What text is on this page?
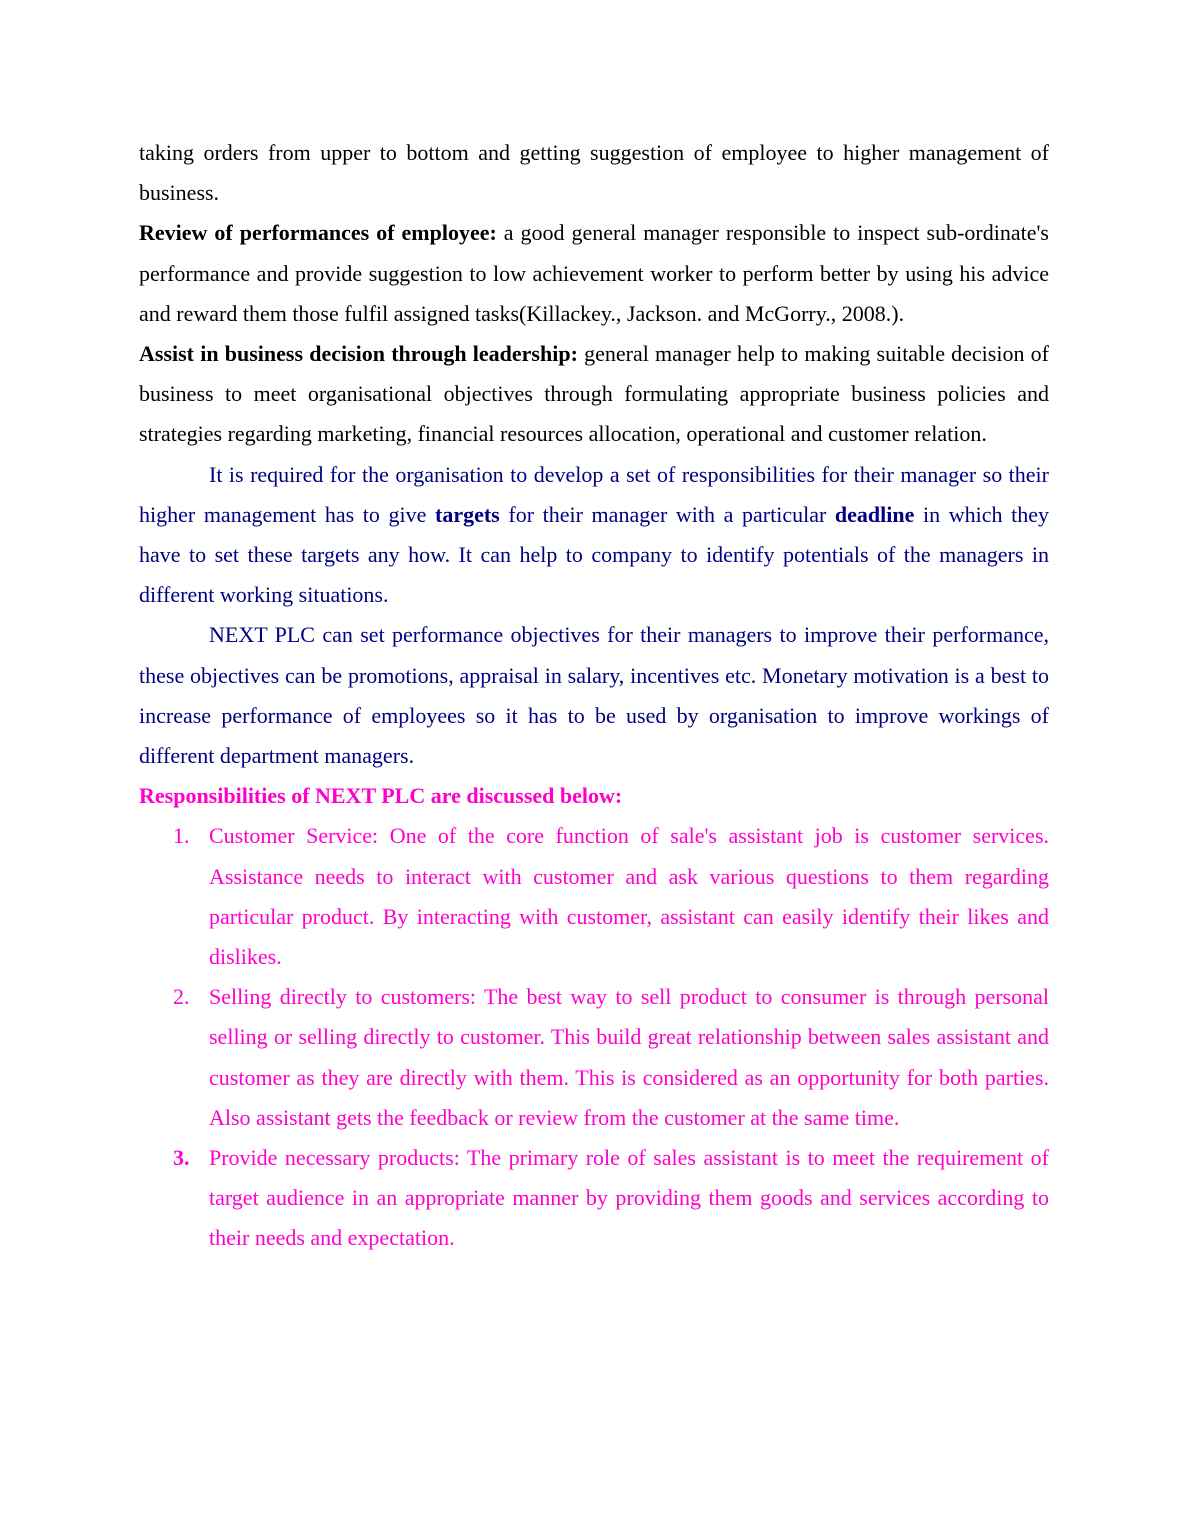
taking orders from upper to bottom and getting suggestion of employee to higher management of business.

Review of performances of employee: a good general manager responsible to inspect sub-ordinate's performance and provide suggestion to low achievement worker to perform better by using his advice and reward them those fulfil assigned tasks(Killackey., Jackson. and McGorry., 2008.).

Assist in business decision through leadership: general manager help to making suitable decision of business to meet organisational objectives through formulating appropriate business policies and strategies regarding marketing, financial resources allocation, operational and customer relation.

It is required for the organisation to develop a set of responsibilities for their manager so their higher management has to give targets for their manager with a particular deadline in which they have to set these targets any how. It can help to company to identify potentials of the managers in different working situations.

NEXT PLC can set performance objectives for their managers to improve their performance, these objectives can be promotions, appraisal in salary, incentives etc. Monetary motivation is a best to increase performance of employees so it has to be used by organisation to improve workings of different department managers.

Responsibilities of NEXT PLC are discussed below:

1. Customer Service: One of the core function of sale's assistant job is customer services. Assistance needs to interact with customer and ask various questions to them regarding particular product. By interacting with customer, assistant can easily identify their likes and dislikes.
2. Selling directly to customers: The best way to sell product to consumer is through personal selling or selling directly to customer. This build great relationship between sales assistant and customer as they are directly with them. This is considered as an opportunity for both parties. Also assistant gets the feedback or review from the customer at the same time.
3. Provide necessary products: The primary role of sales assistant is to meet the requirement of target audience in an appropriate manner by providing them goods and services according to their needs and expectation.
